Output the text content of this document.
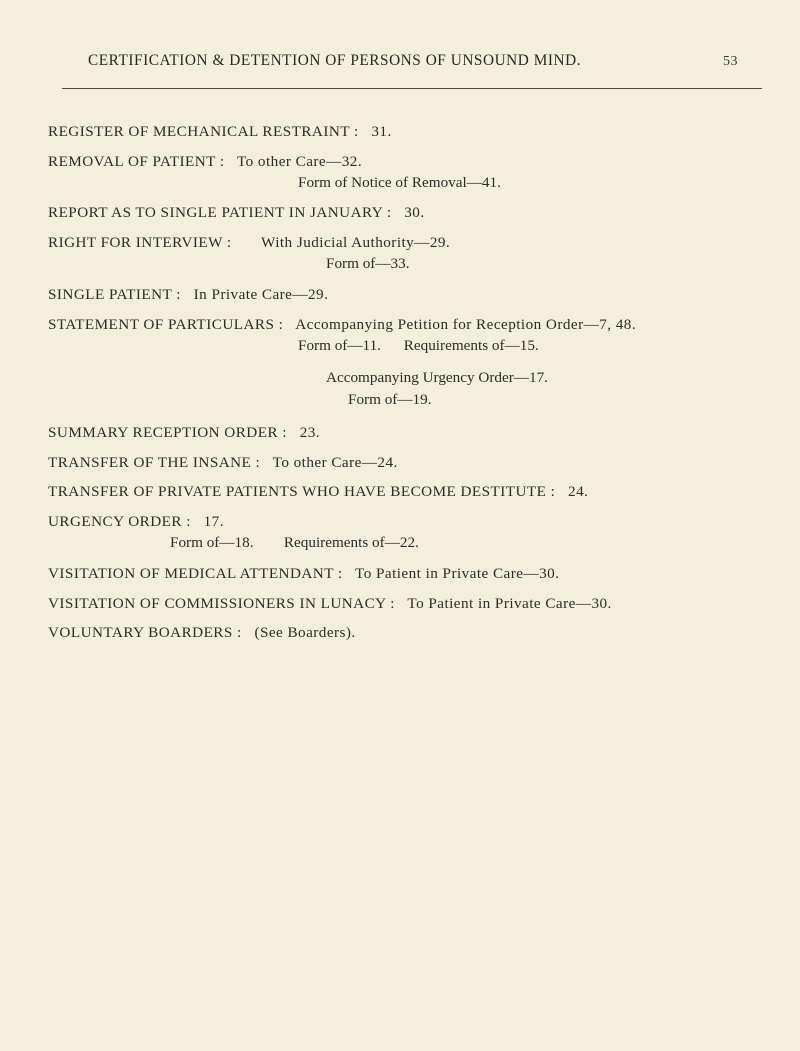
CERTIFICATION & DETENTION OF PERSONS OF UNSOUND MIND.	53
REGISTER OF MECHANICAL RESTRAINT :   31.
REMOVAL OF PATIENT :   To other Care—32.
Form of Notice of Removal—41.
REPORT AS TO SINGLE PATIENT IN JANUARY :   30.
RIGHT FOR INTERVIEW :       With Judicial Authority—29.
Form of—33.
SINGLE PATIENT :   In Private Care—29.
STATEMENT OF PARTICULARS :   Accompanying Petition for Reception Order—7, 48.
Form of—11.      Requirements of—15.
Accompanying Urgency Order—17.
Form of—19.
SUMMARY RECEPTION ORDER :   23.
TRANSFER OF THE INSANE :   To other Care—24.
TRANSFER OF PRIVATE PATIENTS WHO HAVE BECOME DESTITUTE :   24.
URGENCY ORDER :   17.
Form of—18.        Requirements of—22.
VISITATION OF MEDICAL ATTENDANT :   To Patient in Private Care—30.
VISITATION OF COMMISSIONERS IN LUNACY :   To Patient in Private Care—30.
VOLUNTARY BOARDERS :   (See Boarders).
